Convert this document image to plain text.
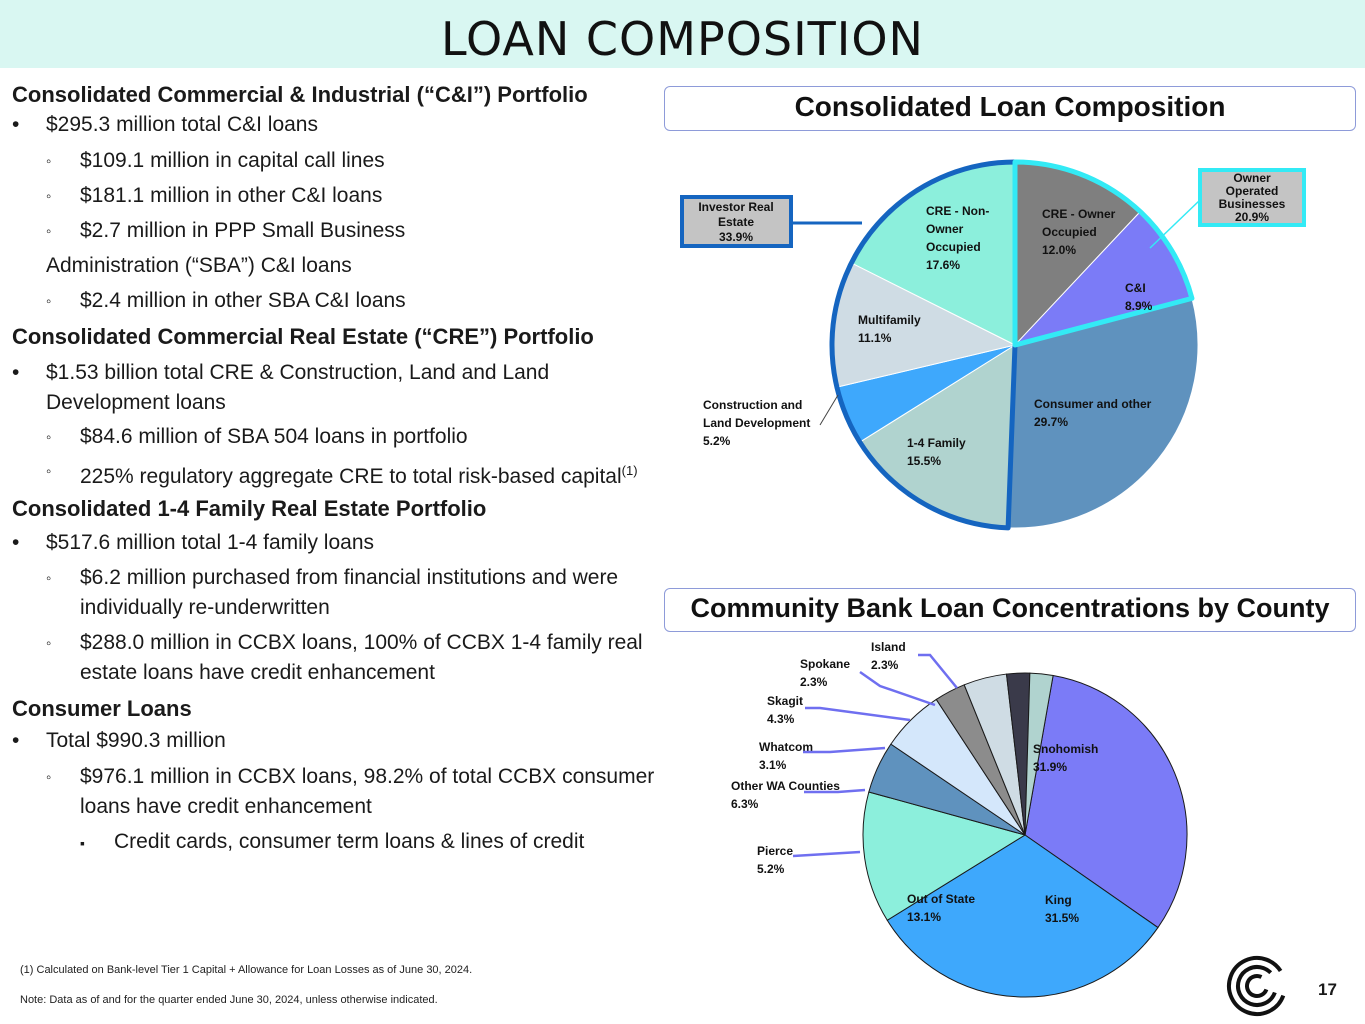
LOAN COMPOSITION
Consolidated Commercial & Industrial (“C&I”) Portfolio
• $295.3 million total C&I loans
◦ $109.1 million in capital call lines
◦ $181.1 million in other C&I loans
◦ $2.7 million in PPP Small Business
Administration (“SBA”) C&I loans
◦ $2.4 million in other SBA C&I loans
Consolidated Commercial Real Estate (“CRE”) Portfolio
• $1.53 billion total CRE & Construction, Land and Land Development loans
◦ $84.6 million of SBA 504 loans in portfolio
◦ 225% regulatory aggregate CRE to total risk-based capital$^{(1)}$
Consolidated 1-4 Family Real Estate Portfolio
• $517.6 million total 1-4 family loans
◦ $6.2 million purchased from financial institutions and were individually re-underwritten
◦ $288.0 million in CCBX loans, 100% of CCBX 1-4 family real estate loans have credit enhancement
Consumer Loans
• Total $990.3 million
◦ $976.1 million in CCBX loans, 98.2% of total CCBX consumer loans have credit enhancement
▪ Credit cards, consumer term loans & lines of credit
(1) Calculated on Bank-level Tier 1 Capital + Allowance for Loan Losses as of June 30, 2024.
Note: Data as of and for the quarter ended June 30, 2024, unless otherwise indicated.
Consolidated Loan Composition
Community Bank Loan Concentrations by County
CRE - Owner Occupied 12.0%
C&I 8.9%
Consumer and other 29.7%
1-4 Family 15.5%
Construction and Land Development 5.2%
Multifamily 11.1%
CRE - Non-Owner Occupied 17.6%
Investor Real Estate 33.9%
Owner Operated Businesses 20.9%
Snohomish 31.9%
King 31.5%
Out of State 13.1%
Pierce 5.2%
Other WA Counties 6.3%
Whatcom 3.1%
Skagit 4.3%
Spokane 2.3%
Island 2.3%
17
